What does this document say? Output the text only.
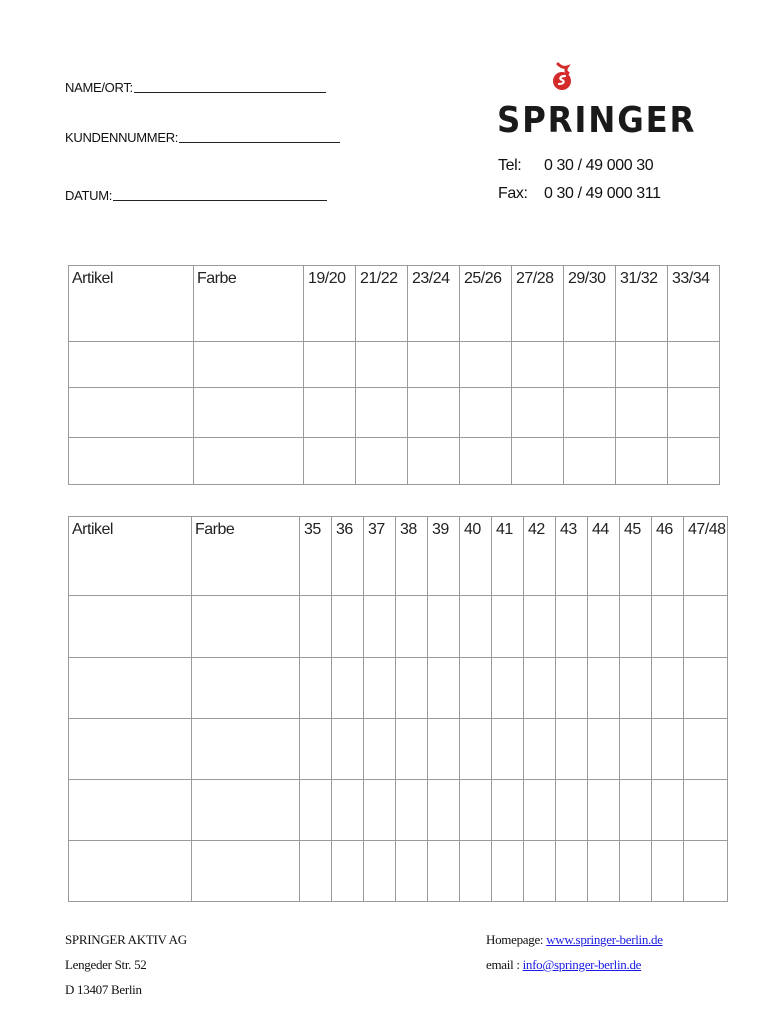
NAME/ORT:
KUNDENNUMMER:
DATUM:
SPRINGER
Tel:	0 30 / 49 000 30
Fax:	0 30 / 49 000 311
Artikel	Farbe	19/20	21/22	23/24	25/26	27/28	29/30	31/32	33/34

Artikel	Farbe	35	36	37	38	39	40	41	42	43	44	45	46	47/48

SPRINGER AKTIV AG
Lengeder Str. 52
D 13407 Berlin
Homepage: www.springer-berlin.de
email : info@springer-berlin.de
